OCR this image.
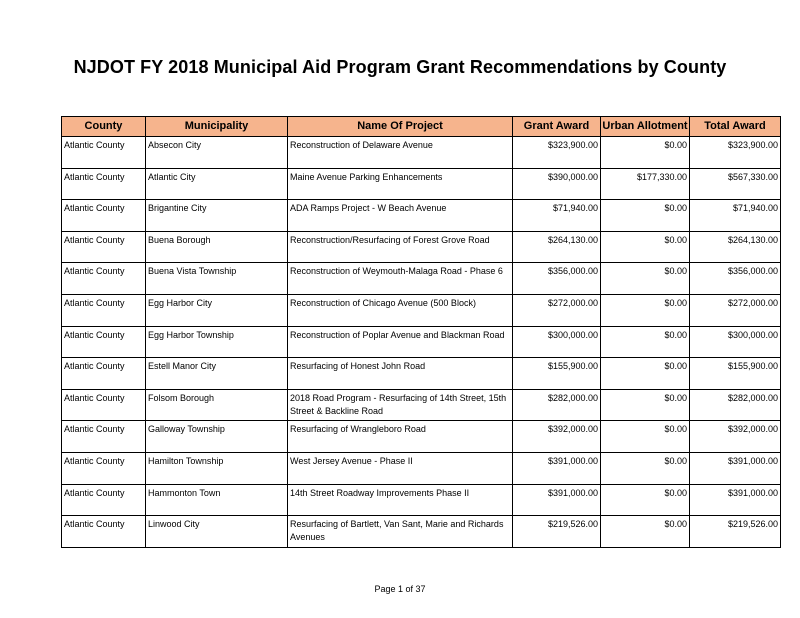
NJDOT FY 2018 Municipal Aid Program Grant Recommendations by County
County	Municipality	Name Of Project	Grant Award	Urban Allotment	Total Award
Atlantic County	Absecon City	Reconstruction of Delaware Avenue	$323,900.00	$0.00	$323,900.00
Atlantic County	Atlantic City	Maine Avenue Parking Enhancements	$390,000.00	$177,330.00	$567,330.00
Atlantic County	Brigantine City	ADA Ramps Project - W Beach Avenue	$71,940.00	$0.00	$71,940.00
Atlantic County	Buena Borough	Reconstruction/Resurfacing of Forest Grove Road	$264,130.00	$0.00	$264,130.00
Atlantic County	Buena Vista Township	Reconstruction of Weymouth-Malaga Road - Phase 6	$356,000.00	$0.00	$356,000.00
Atlantic County	Egg Harbor City	Reconstruction of Chicago Avenue (500 Block)	$272,000.00	$0.00	$272,000.00
Atlantic County	Egg Harbor Township	Reconstruction of Poplar Avenue and Blackman Road	$300,000.00	$0.00	$300,000.00
Atlantic County	Estell Manor City	Resurfacing of Honest John Road	$155,900.00	$0.00	$155,900.00
Atlantic County	Folsom Borough	2018 Road Program - Resurfacing of 14th Street, 15th Street & Backline Road	$282,000.00	$0.00	$282,000.00
Atlantic County	Galloway Township	Resurfacing of Wrangleboro Road	$392,000.00	$0.00	$392,000.00
Atlantic County	Hamilton Township	West Jersey Avenue - Phase II	$391,000.00	$0.00	$391,000.00
Atlantic County	Hammonton Town	14th Street Roadway Improvements Phase II	$391,000.00	$0.00	$391,000.00
Atlantic County	Linwood City	Resurfacing of Bartlett, Van Sant, Marie and Richards Avenues	$219,526.00	$0.00	$219,526.00
Page 1 of 37
